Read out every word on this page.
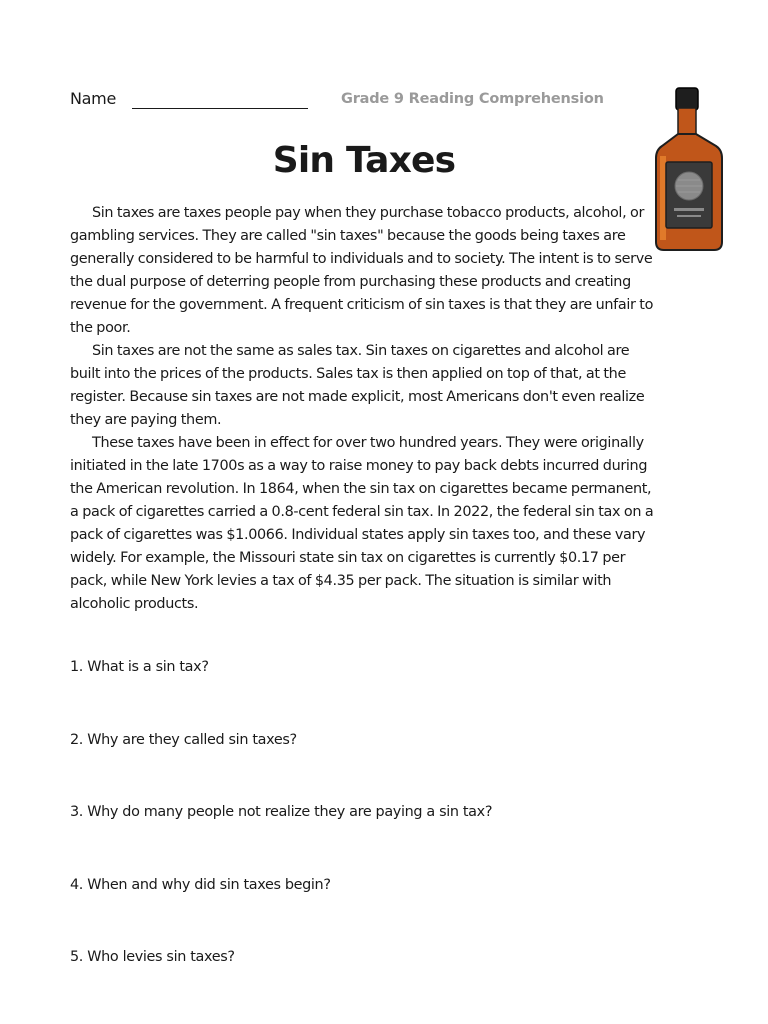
Name	Grade 9 Reading Comprehension
Sin Taxes

Sin taxes are taxes people pay when they purchase tobacco products, alcohol, or gambling services. They are called "sin taxes" because the goods being taxes are generally considered to be harmful to individuals and to society. The intent is to serve the dual purpose of deterring people from purchasing these products and creating revenue for the government. A frequent criticism of sin taxes is that they are unfair to the poor.

Sin taxes are not the same as sales tax. Sin taxes on cigarettes and alcohol are built into the prices of the products. Sales tax is then applied on top of that, at the register. Because sin taxes are not made explicit, most Americans don't even realize they are paying them.

These taxes have been in effect for over two hundred years. They were originally initiated in the late 1700s as a way to raise money to pay back debts incurred during the American revolution. In 1864, when the sin tax on cigarettes became permanent, a pack of cigarettes carried a 0.8-cent federal sin tax. In 2022, the federal sin tax on a pack of cigarettes was $1.0066. Individual states apply sin taxes too, and these vary widely. For example, the Missouri state sin tax on cigarettes is currently $0.17 per pack, while New York levies a tax of $4.35 per pack. The situation is similar with alcoholic products.

1. What is a sin tax?
2. Why are they called sin taxes?
3. Why do many people not realize they are paying a sin tax?
4. When and why did sin taxes begin?
5. Who levies sin taxes?
